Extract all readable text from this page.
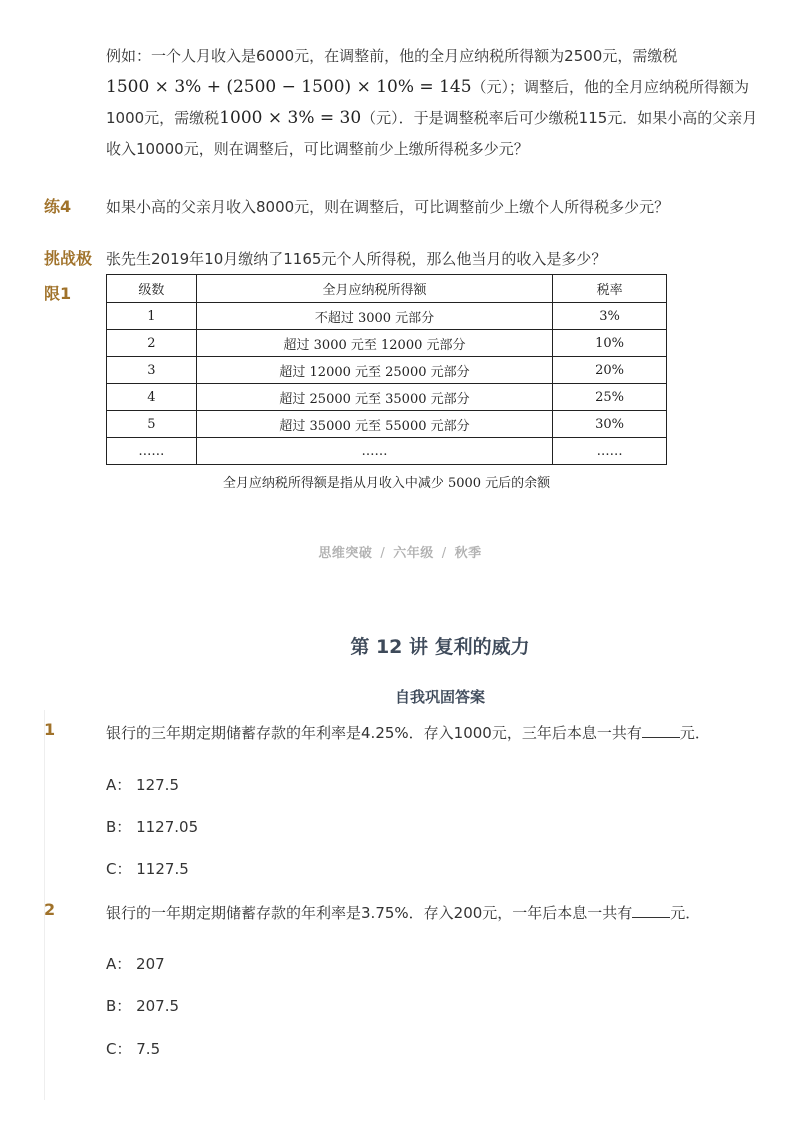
例如：一个人月收入是6000元，在调整前，他的全月应纳税所得额为2500元，需缴税
1500 × 3% + (2500 − 1500) × 10% = 145（元）；调整后，他的全月应纳税所得额为
1000元，需缴税1000 × 3% = 30（元）．于是调整税率后可少缴税115元．如果小高的父亲月
收入10000元，则在调整后，可比调整前少上缴所得税多少元？
练4 如果小高的父亲月收入8000元，则在调整后，可比调整前少上缴个人所得税多少元？
挑战极
限1
张先生2019年10月缴纳了1165元个人所得税，那么他当月的收入是多少？
级数	全月应纳税所得额	税率
1	不超过 3000 元部分	3%
2	超过 3000 元至 12000 元部分	10%
3	超过 12000 元至 25000 元部分	20%
4	超过 25000 元至 35000 元部分	25%
5	超过 35000 元至 55000 元部分	30%
……	……	……
全月应纳税所得额是指从月收入中减少 5000 元后的余额
思维突破 / 六年级 / 秋季
第 12 讲 复利的威力
自我巩固答案
1	银行的三年期定期储蓄存款的年利率是4.25%．存入1000元，三年后本息一共有	元．
A： 127.5
B： 1127.05
C： 1127.5
2	银行的一年期定期储蓄存款的年利率是3.75%．存入200元，一年后本息一共有	元．
A： 207
B： 207.5
C： 7.5
